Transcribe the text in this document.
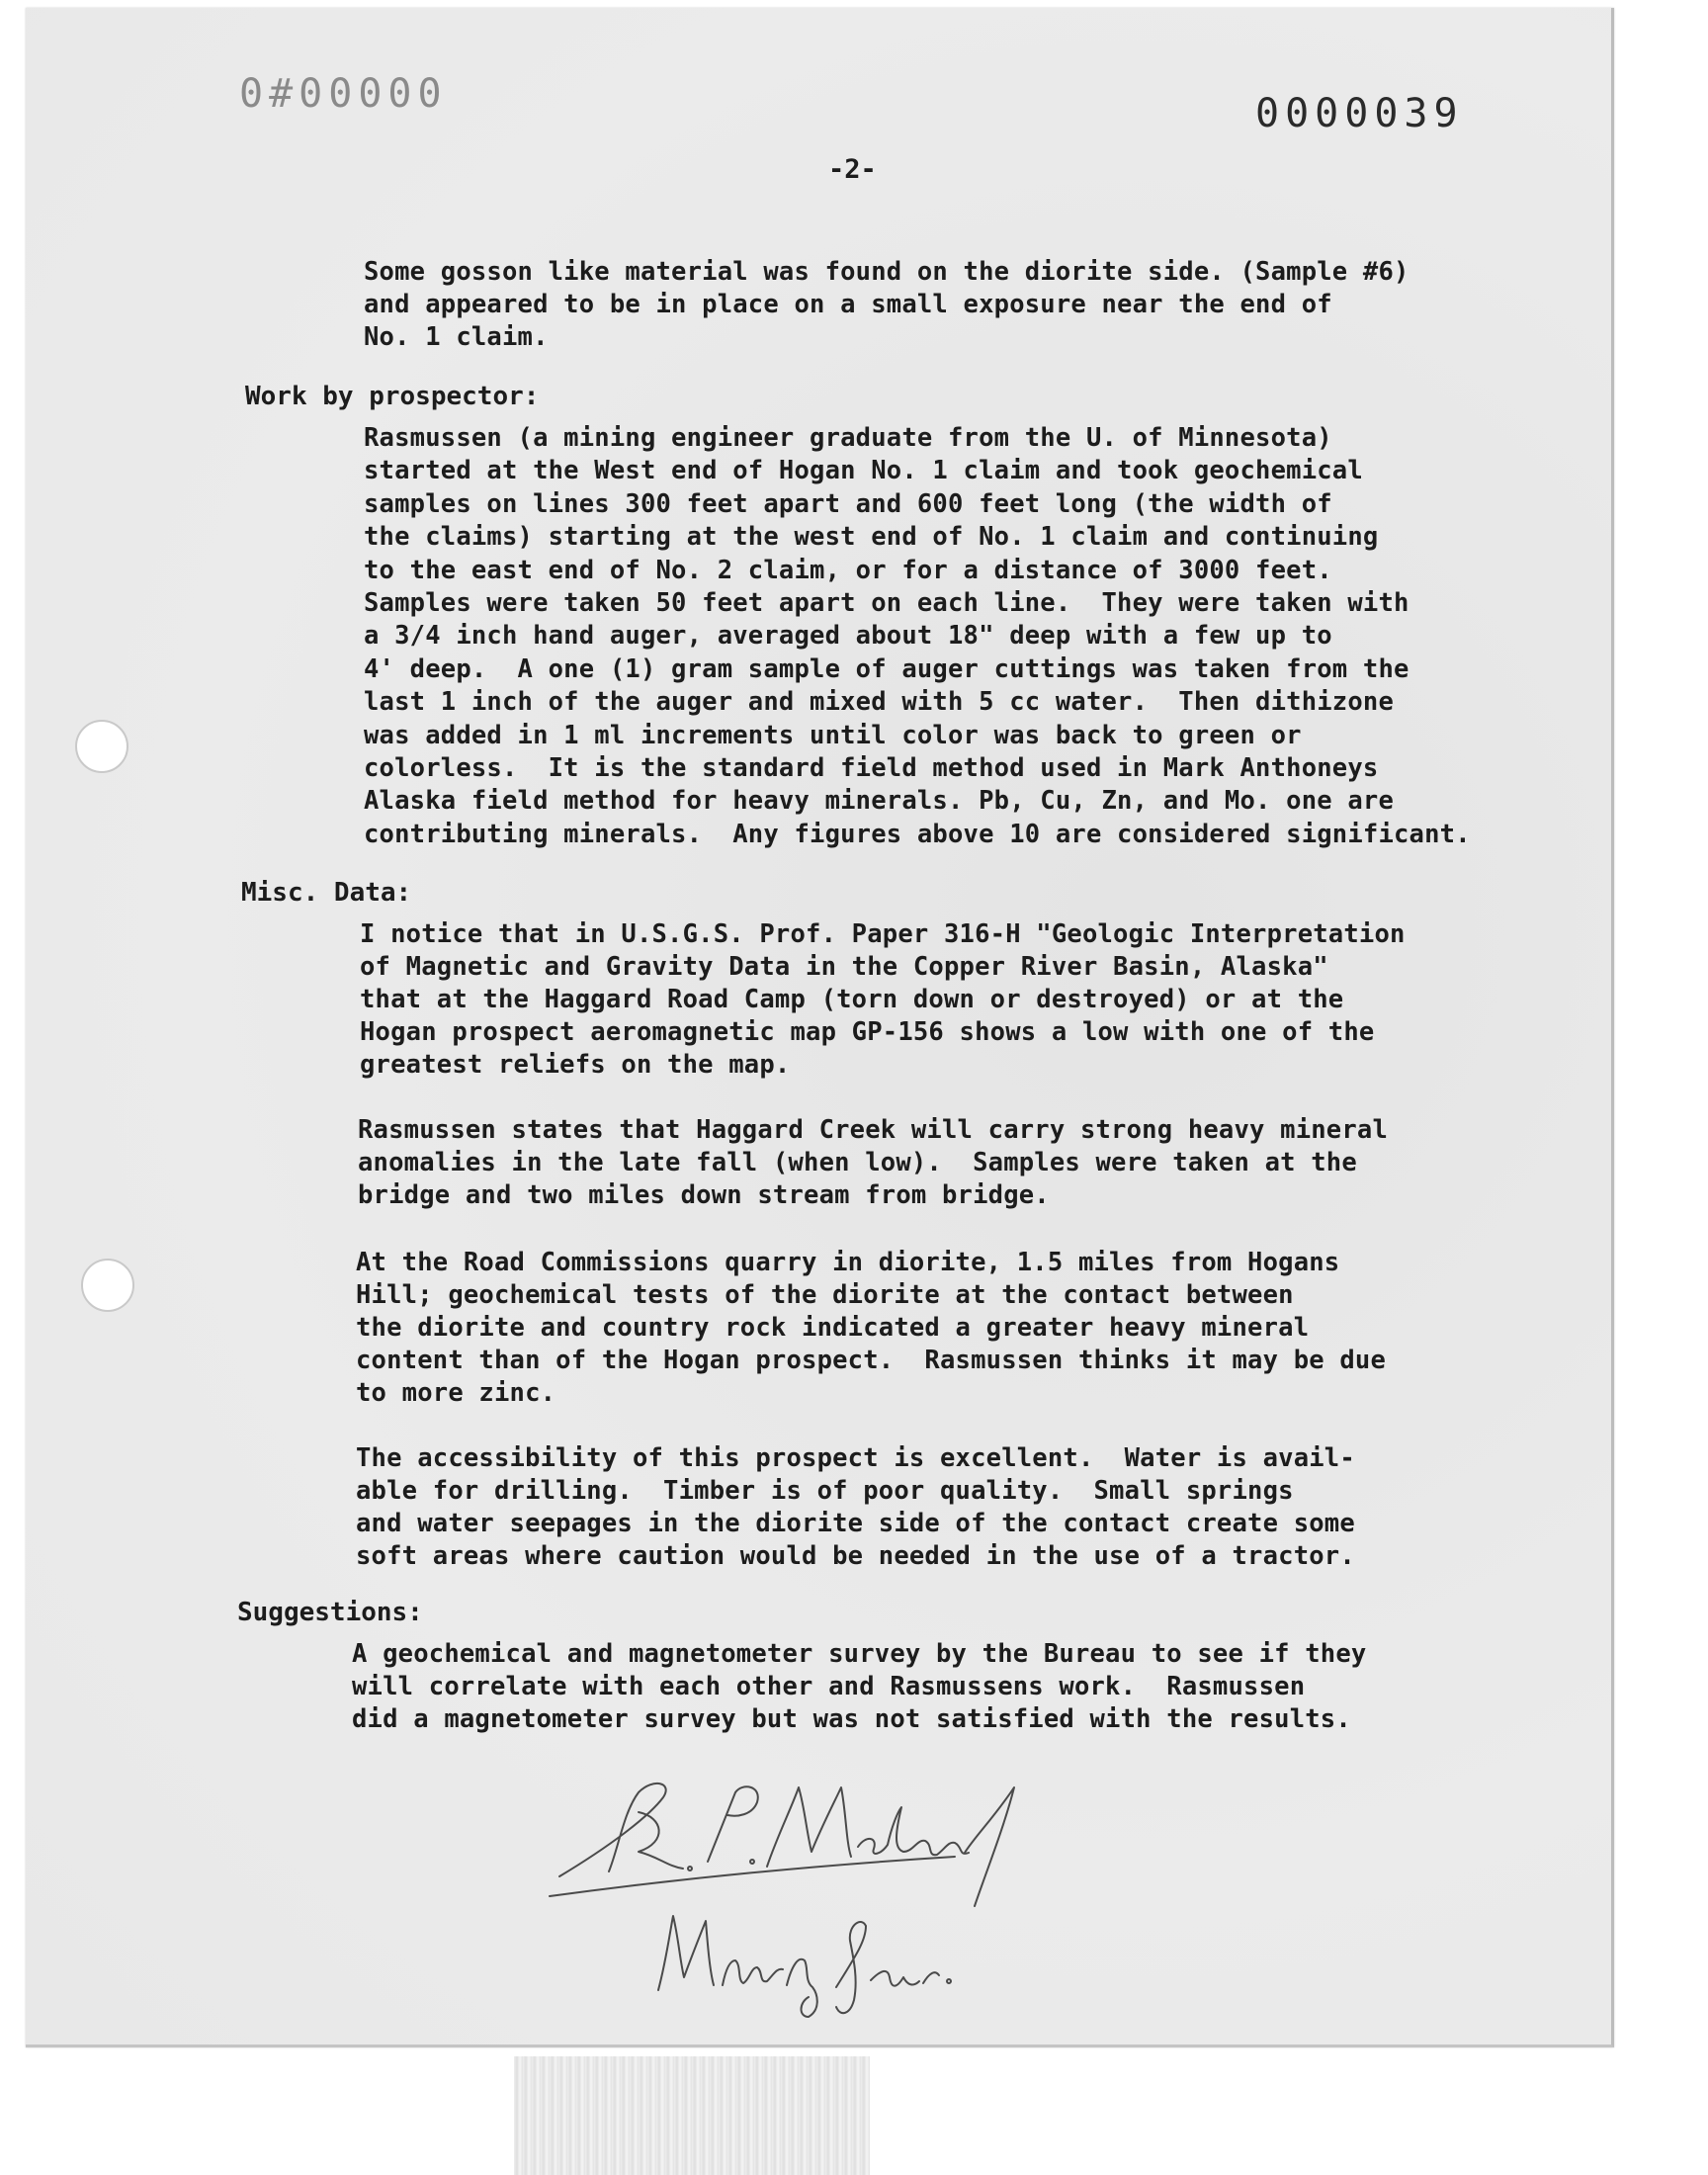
0#00000	0000039
-2-
Some gosson like material was found on the diorite side. (Sample #6)
and appeared to be in place on a small exposure near the end of
No. 1 claim.
Work by prospector:
Rasmussen (a mining engineer graduate from the U. of Minnesota)
started at the West end of Hogan No. 1 claim and took geochemical
samples on lines 300 feet apart and 600 feet long (the width of
the claims) starting at the west end of No. 1 claim and continuing
to the east end of No. 2 claim, or for a distance of 3000 feet.
Samples were taken 50 feet apart on each line.  They were taken with
a 3/4 inch hand auger, averaged about 18" deep with a few up to
4' deep.  A one (1) gram sample of auger cuttings was taken from the
last 1 inch of the auger and mixed with 5 cc water.  Then dithizone
was added in 1 ml increments until color was back to green or
colorless.  It is the standard field method used in Mark Anthoneys
Alaska field method for heavy minerals. Pb, Cu, Zn, and Mo. one are
contributing minerals.  Any figures above 10 are considered significant.
Misc. Data:
I notice that in U.S.G.S. Prof. Paper 316-H "Geologic Interpretation
of Magnetic and Gravity Data in the Copper River Basin, Alaska"
that at the Haggard Road Camp (torn down or destroyed) or at the
Hogan prospect aeromagnetic map GP-156 shows a low with one of the
greatest reliefs on the map.
Rasmussen states that Haggard Creek will carry strong heavy mineral
anomalies in the late fall (when low).  Samples were taken at the
bridge and two miles down stream from bridge.
At the Road Commissions quarry in diorite, 1.5 miles from Hogans
Hill; geochemical tests of the diorite at the contact between
the diorite and country rock indicated a greater heavy mineral
content than of the Hogan prospect.  Rasmussen thinks it may be due
to more zinc.
The accessibility of this prospect is excellent.  Water is avail-
able for drilling.  Timber is of poor quality.  Small springs
and water seepages in the diorite side of the contact create some
soft areas where caution would be needed in the use of a tractor.
Suggestions:
A geochemical and magnetometer survey by the Bureau to see if they
will correlate with each other and Rasmussens work.  Rasmussen
did a magnetometer survey but was not satisfied with the results.
